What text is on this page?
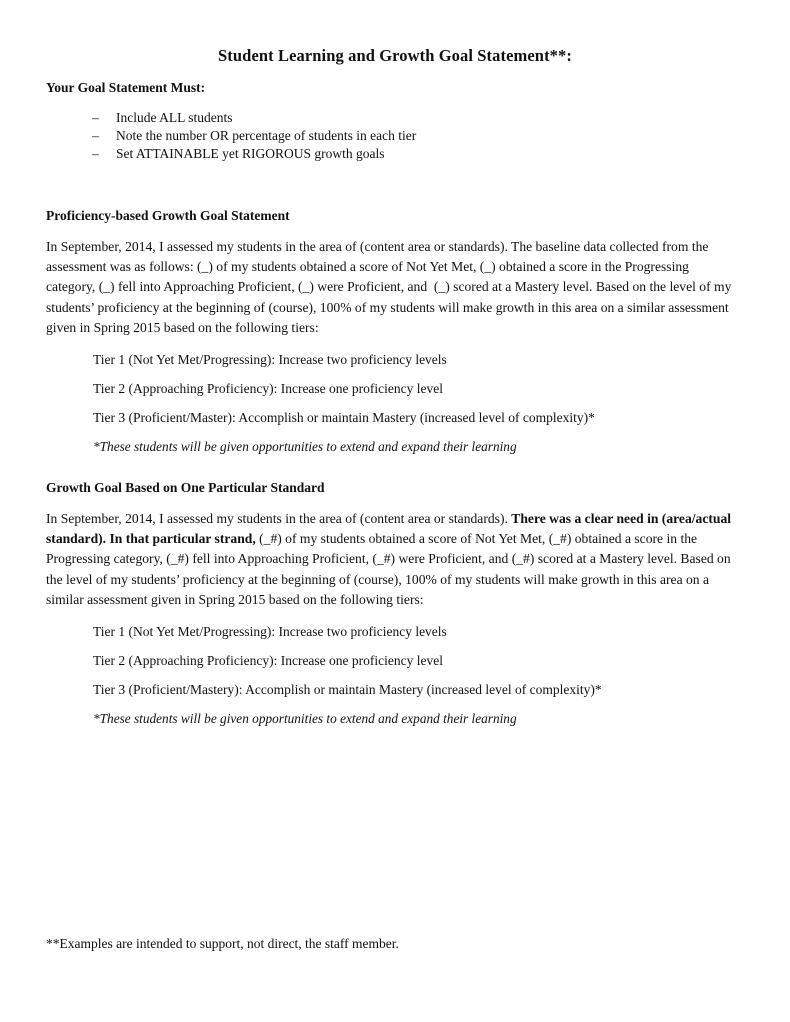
Student Learning and Growth Goal Statement**:
Your Goal Statement Must:
–	Include ALL students
–	Note the number OR percentage of students in each tier
–	Set ATTAINABLE yet RIGOROUS growth goals
Proficiency-based Growth Goal Statement

In September, 2014, I assessed my students in the area of (content area or standards). The baseline data collected from the assessment was as follows: (_) of my students obtained a score of Not Yet Met, (_) obtained a score in the Progressing category, (_) fell into Approaching Proficient, (_) were Proficient, and  (_) scored at a Mastery level. Based on the level of my students’ proficiency at the beginning of (course), 100% of my students will make growth in this area on a similar assessment given in Spring 2015 based on the following tiers:

Tier 1 (Not Yet Met/Progressing): Increase two proficiency levels

Tier 2 (Approaching Proficiency): Increase one proficiency level

Tier 3 (Proficient/Master): Accomplish or maintain Mastery (increased level of complexity)*

*These students will be given opportunities to extend and expand their learning

Growth Goal Based on One Particular Standard

In September, 2014, I assessed my students in the area of (content area or standards). There was a clear need in (area/actual standard). In that particular strand, (_#) of my students obtained a score of Not Yet Met, (_#) obtained a score in the Progressing category, (_#) fell into Approaching Proficient, (_#) were Proficient, and (_#) scored at a Mastery level. Based on the level of my students’ proficiency at the beginning of (course), 100% of my students will make growth in this area on a similar assessment given in Spring 2015 based on the following tiers:

Tier 1 (Not Yet Met/Progressing): Increase two proficiency levels

Tier 2 (Approaching Proficiency): Increase one proficiency level

Tier 3 (Proficient/Mastery): Accomplish or maintain Mastery (increased level of complexity)*

*These students will be given opportunities to extend and expand their learning

**Examples are intended to support, not direct, the staff member.
